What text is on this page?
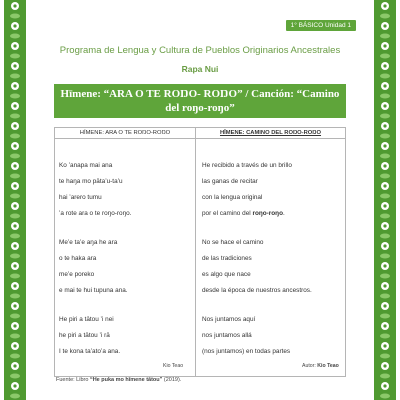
1° BÁSICO Unidad 1
Programa de Lengua y Cultura de Pueblos Originarios Ancestrales
Rapa Nui
Hīmene: “ARA O TE ROŊO- ROŊO” / Canción: “Camino del roŋo-roŋo”
HĪMENE: ARA O TE ROŊO-ROŊO	HĪMENE: CAMINO DEL ROŊO-ROŊO
Ko ’anapa mai ana
te haŋa mo pāta’u-ta’u
hai ’arero tumu
’a rote ara o te roŋo-roŋo.
Me’e ta’e aŋa he ara
o te haka ara
me’e poreko
e mai te hui tupuna ana.
He piri a tātou ’i nei
he piri a tātou ’i rā
I te kona ta’ato’a ana.
Kio Teao
He recibido a través de un brillo
las ganas de recitar
con la lengua original
por el camino del roŋo-roŋo.
No se hace el camino
de las tradiciones
es algo que nace
desde la época de nuestros ancestros.
Nos juntamos aquí
nos juntamos allá
(nos juntamos) en todas partes
Autor: Kio Teao
Fuente: Libro “He puka mo hīmene tātou” (2019).
